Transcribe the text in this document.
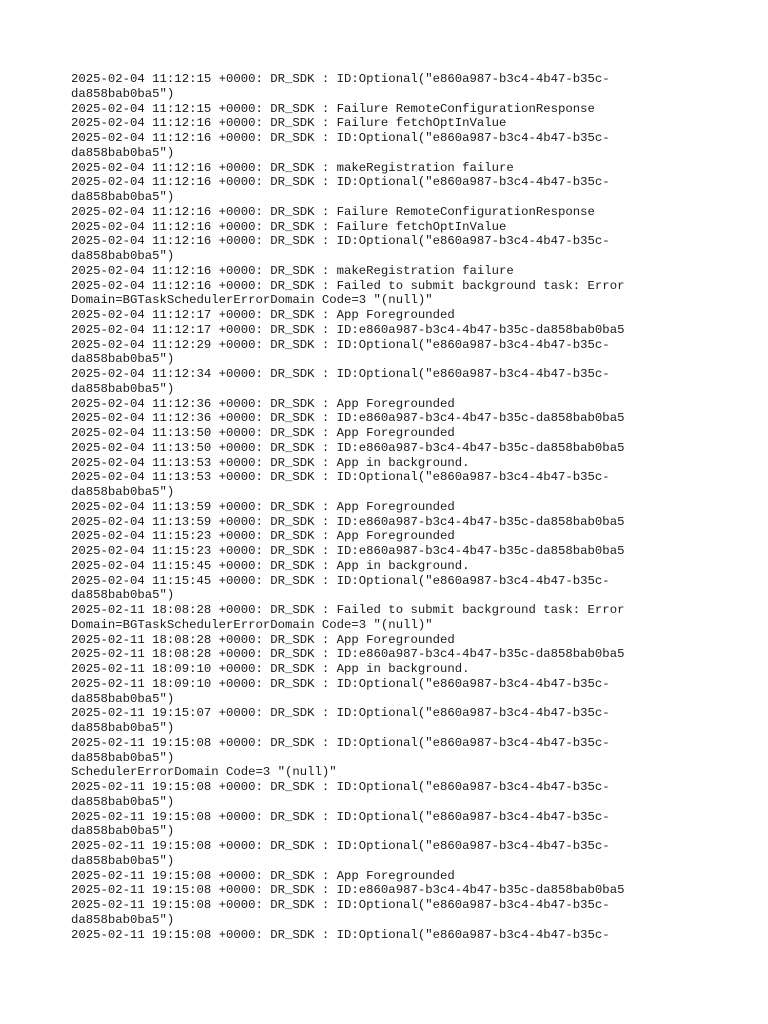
2025-02-04 11:12:15 +0000: DR_SDK : ID:Optional("e860a987-b3c4-4b47-b35c-
da858bab0ba5")
2025-02-04 11:12:15 +0000: DR_SDK : Failure RemoteConfigurationResponse
2025-02-04 11:12:16 +0000: DR_SDK : Failure fetchOptInValue
2025-02-04 11:12:16 +0000: DR_SDK : ID:Optional("e860a987-b3c4-4b47-b35c-
da858bab0ba5")
2025-02-04 11:12:16 +0000: DR_SDK : makeRegistration failure
2025-02-04 11:12:16 +0000: DR_SDK : ID:Optional("e860a987-b3c4-4b47-b35c-
da858bab0ba5")
2025-02-04 11:12:16 +0000: DR_SDK : Failure RemoteConfigurationResponse
2025-02-04 11:12:16 +0000: DR_SDK : Failure fetchOptInValue
2025-02-04 11:12:16 +0000: DR_SDK : ID:Optional("e860a987-b3c4-4b47-b35c-
da858bab0ba5")
2025-02-04 11:12:16 +0000: DR_SDK : makeRegistration failure
2025-02-04 11:12:16 +0000: DR_SDK : Failed to submit background task: Error
Domain=BGTaskSchedulerErrorDomain Code=3 "(null)"
2025-02-04 11:12:17 +0000: DR_SDK : App Foregrounded
2025-02-04 11:12:17 +0000: DR_SDK : ID:e860a987-b3c4-4b47-b35c-da858bab0ba5
2025-02-04 11:12:29 +0000: DR_SDK : ID:Optional("e860a987-b3c4-4b47-b35c-
da858bab0ba5")
2025-02-04 11:12:34 +0000: DR_SDK : ID:Optional("e860a987-b3c4-4b47-b35c-
da858bab0ba5")
2025-02-04 11:12:36 +0000: DR_SDK : App Foregrounded
2025-02-04 11:12:36 +0000: DR_SDK : ID:e860a987-b3c4-4b47-b35c-da858bab0ba5
2025-02-04 11:13:50 +0000: DR_SDK : App Foregrounded
2025-02-04 11:13:50 +0000: DR_SDK : ID:e860a987-b3c4-4b47-b35c-da858bab0ba5
2025-02-04 11:13:53 +0000: DR_SDK : App in background.
2025-02-04 11:13:53 +0000: DR_SDK : ID:Optional("e860a987-b3c4-4b47-b35c-
da858bab0ba5")
2025-02-04 11:13:59 +0000: DR_SDK : App Foregrounded
2025-02-04 11:13:59 +0000: DR_SDK : ID:e860a987-b3c4-4b47-b35c-da858bab0ba5
2025-02-04 11:15:23 +0000: DR_SDK : App Foregrounded
2025-02-04 11:15:23 +0000: DR_SDK : ID:e860a987-b3c4-4b47-b35c-da858bab0ba5
2025-02-04 11:15:45 +0000: DR_SDK : App in background.
2025-02-04 11:15:45 +0000: DR_SDK : ID:Optional("e860a987-b3c4-4b47-b35c-
da858bab0ba5")
2025-02-11 18:08:28 +0000: DR_SDK : Failed to submit background task: Error
Domain=BGTaskSchedulerErrorDomain Code=3 "(null)"
2025-02-11 18:08:28 +0000: DR_SDK : App Foregrounded
2025-02-11 18:08:28 +0000: DR_SDK : ID:e860a987-b3c4-4b47-b35c-da858bab0ba5
2025-02-11 18:09:10 +0000: DR_SDK : App in background.
2025-02-11 18:09:10 +0000: DR_SDK : ID:Optional("e860a987-b3c4-4b47-b35c-
da858bab0ba5")
2025-02-11 19:15:07 +0000: DR_SDK : ID:Optional("e860a987-b3c4-4b47-b35c-
da858bab0ba5")
2025-02-11 19:15:08 +0000: DR_SDK : ID:Optional("e860a987-b3c4-4b47-b35c-
da858bab0ba5")
SchedulerErrorDomain Code=3 "(null)"
2025-02-11 19:15:08 +0000: DR_SDK : ID:Optional("e860a987-b3c4-4b47-b35c-
da858bab0ba5")
2025-02-11 19:15:08 +0000: DR_SDK : ID:Optional("e860a987-b3c4-4b47-b35c-
da858bab0ba5")
2025-02-11 19:15:08 +0000: DR_SDK : ID:Optional("e860a987-b3c4-4b47-b35c-
da858bab0ba5")
2025-02-11 19:15:08 +0000: DR_SDK : App Foregrounded
2025-02-11 19:15:08 +0000: DR_SDK : ID:e860a987-b3c4-4b47-b35c-da858bab0ba5
2025-02-11 19:15:08 +0000: DR_SDK : ID:Optional("e860a987-b3c4-4b47-b35c-
da858bab0ba5")
2025-02-11 19:15:08 +0000: DR_SDK : ID:Optional("e860a987-b3c4-4b47-b35c-
